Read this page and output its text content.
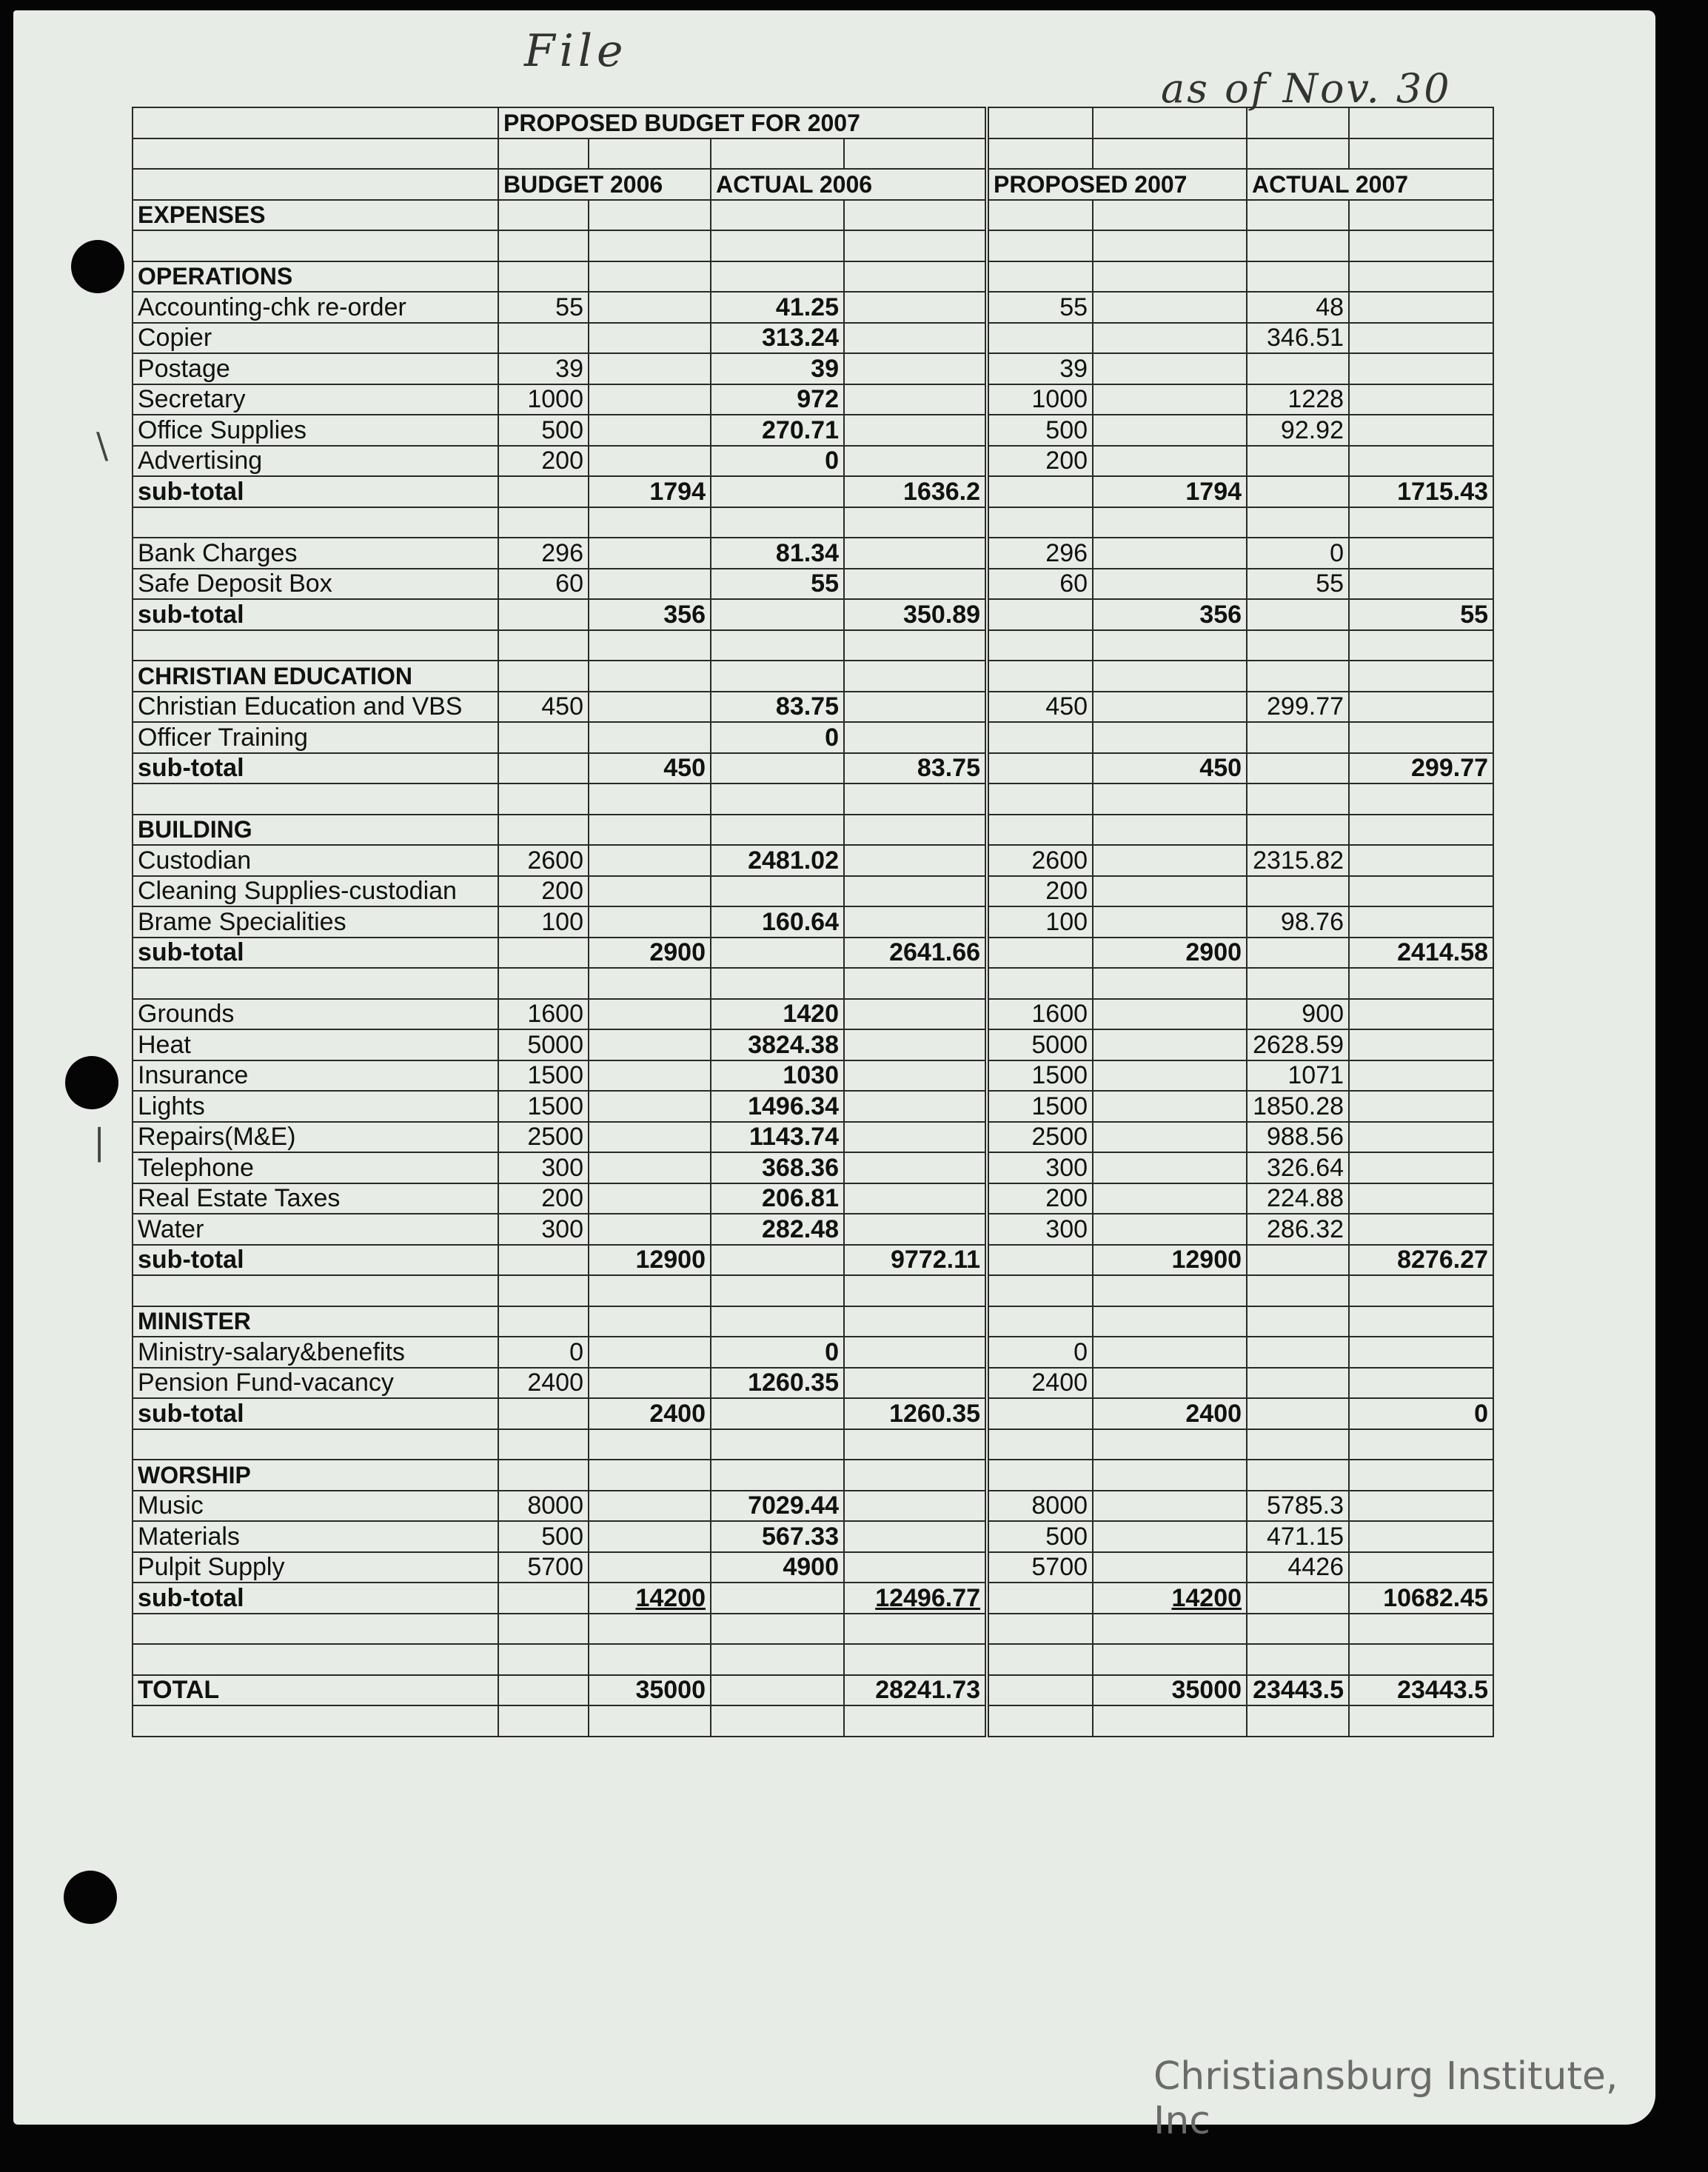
File
as of Nov. 30
\
|
	PROPOSED BUDGET FOR 2007							

	BUDGET 2006		ACTUAL 2006		PROPOSED 2007		ACTUAL 2007	
EXPENSES								

OPERATIONS								
Accounting-chk re-order	55		41.25		55		48	
Copier			313.24				346.51	
Postage	39		39		39			
Secretary	1000		972		1000		1228	
Office Supplies	500		270.71		500		92.92	
Advertising	200		0		200			
sub-total		1794		1636.2		1794		1715.43

Bank Charges	296		81.34		296		0	
Safe Deposit Box	60		55		60		55	
sub-total		356		350.89		356		55

CHRISTIAN EDUCATION								
Christian Education and VBS	450		83.75		450		299.77	
Officer Training			0					
sub-total		450		83.75		450		299.77

BUILDING								
Custodian	2600		2481.02		2600		2315.82	
Cleaning Supplies-custodian	200				200			
Brame Specialities	100		160.64		100		98.76	
sub-total		2900		2641.66		2900		2414.58

Grounds	1600		1420		1600		900	
Heat	5000		3824.38		5000		2628.59	
Insurance	1500		1030		1500		1071	
Lights	1500		1496.34		1500		1850.28	
Repairs(M&E)	2500		1143.74		2500		988.56	
Telephone	300		368.36		300		326.64	
Real Estate Taxes	200		206.81		200		224.88	
Water	300		282.48		300		286.32	
sub-total		12900		9772.11		12900		8276.27

MINISTER								
Ministry-salary&benefits	0		0		0			
Pension Fund-vacancy	2400		1260.35		2400			
sub-total		2400		1260.35		2400		0

WORSHIP								
Music	8000		7029.44		8000		5785.3	
Materials	500		567.33		500		471.15	
Pulpit Supply	5700		4900		5700		4426	
sub-total		14200		12496.77		14200		10682.45

TOTAL		35000		28241.73		35000	23443.5	23443.5

Christiansburg Institute, Inc
